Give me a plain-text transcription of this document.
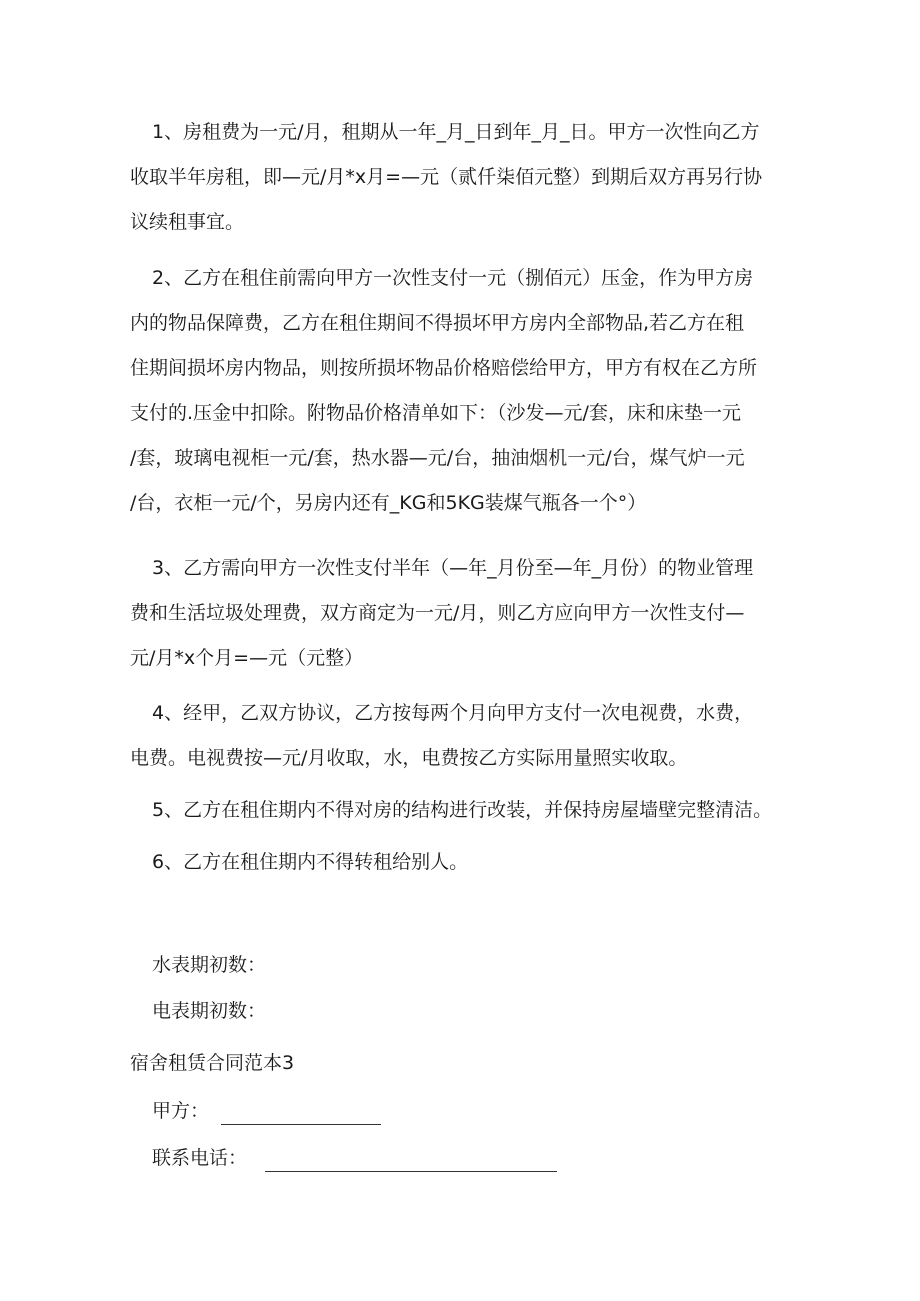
1、房租费为一元/月，租期从一年_月_日到年_月_日。甲方一次性向乙方
收取半年房租，即—元/月*x月=—元（贰仟柒佰元整）到期后双方再另行协
议续租事宜。
2、乙方在租住前需向甲方一次性支付一元（捌佰元）压金，作为甲方房
内的物品保障费，乙方在租住期间不得损坏甲方房内全部物品,若乙方在租
住期间损坏房内物品，则按所损坏物品价格赔偿给甲方，甲方有权在乙方所
支付的.压金中扣除。附物品价格清单如下：（沙发—元/套，床和床垫一元
/套，玻璃电视柜一元/套，热水器—元/台，抽油烟机一元/台，煤气炉一元
/台，衣柜一元/个，另房内还有_KG和5KG装煤气瓶各一个°）
3、乙方需向甲方一次性支付半年（—年_月份至—年_月份）的物业管理
费和生活垃圾处理费，双方商定为一元/月，则乙方应向甲方一次性支付—
元/月*x个月=—元（元整）
4、经甲，乙双方协议，乙方按每两个月向甲方支付一次电视费，水费，
电费。电视费按—元/月收取，水，电费按乙方实际用量照实收取。
5、乙方在租住期内不得对房的结构进行改装，并保持房屋墙壁完整清洁。
6、乙方在租住期内不得转租给别人。
水表期初数：
电表期初数：
宿舍租赁合同范本3
甲方：
联系电话：
